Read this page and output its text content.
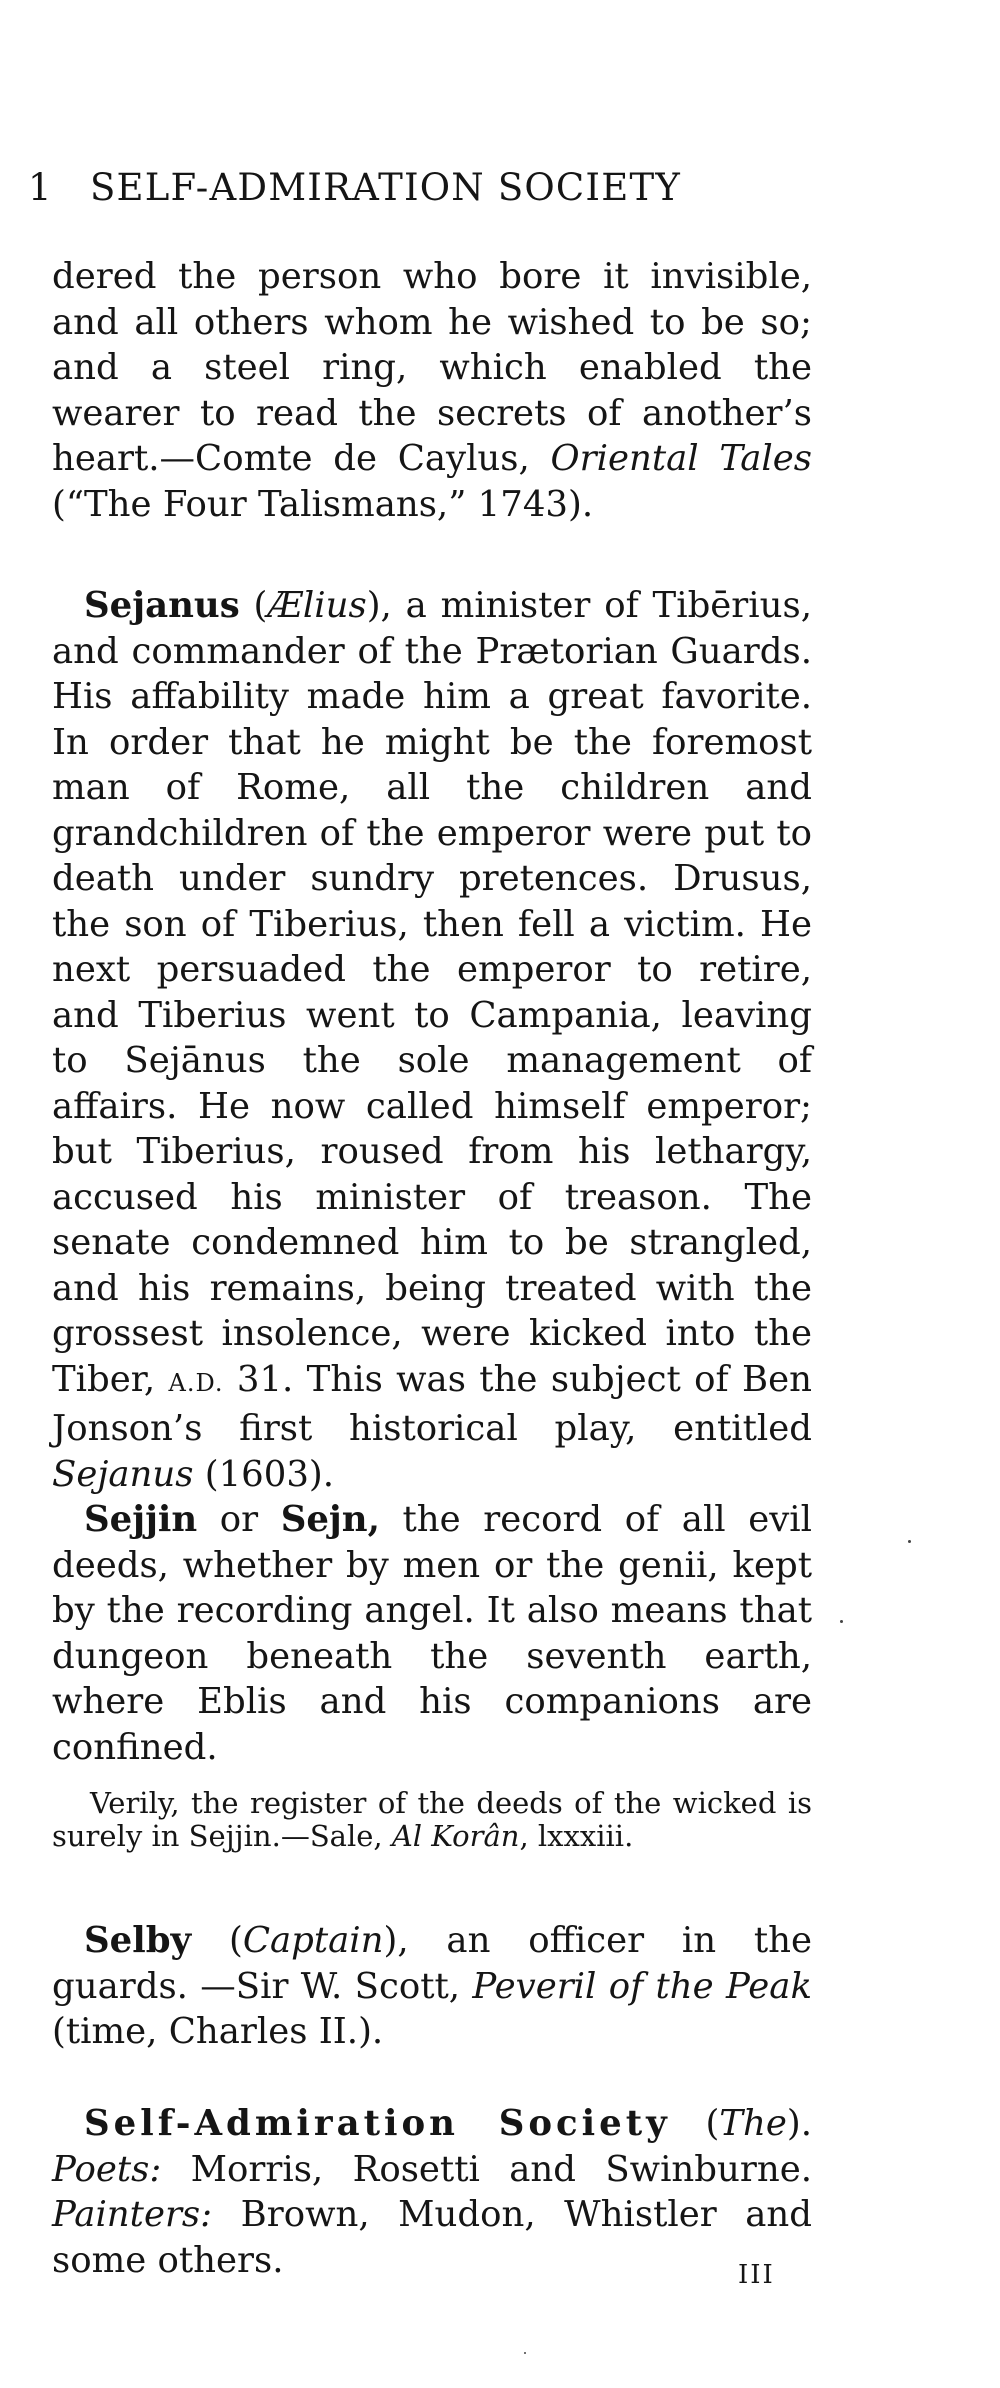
1 SELF-ADMIRATION SOCIETY

dered the person who bore it invisible, and all others whom he wished to be so; and a steel ring, which enabled the wearer to read the secrets of another’s heart.—Comte de Caylus, Oriental Tales (“The Four Talismans,” 1743).

Sejanus (Ælius), a minister of Tibērius, and commander of the Prætorian Guards. His affability made him a great favorite. In order that he might be the foremost man of Rome, all the children and grandchildren of the emperor were put to death under sundry pretences. Drusus, the son of Tiberius, then fell a victim. He next persuaded the emperor to retire, and Tiberius went to Campania, leaving to Sejānus the sole management of affairs. He now called himself emperor; but Tiberius, roused from his lethargy, accused his minister of treason. The senate condemned him to be strangled, and his remains, being treated with the grossest insolence, were kicked into the Tiber, A.D. 31. This was the subject of Ben Jonson’s first historical play, entitled Sejanus (1603).

Sejjin or Sejn, the record of all evil deeds, whether by men or the genii, kept by the recording angel. It also means that dungeon beneath the seventh earth, where Eblis and his companions are confined.

Verily, the register of the deeds of the wicked is surely in Sejjin.—Sale, Al Korân, lxxxiii.

Selby (Captain), an officer in the guards. —Sir W. Scott, Peveril of the Peak (time, Charles II.).

Self-Admiration Society (The). Poets: Morris, Rosetti and Swinburne. Painters: Brown, Mudon, Whistler and some others.	III
